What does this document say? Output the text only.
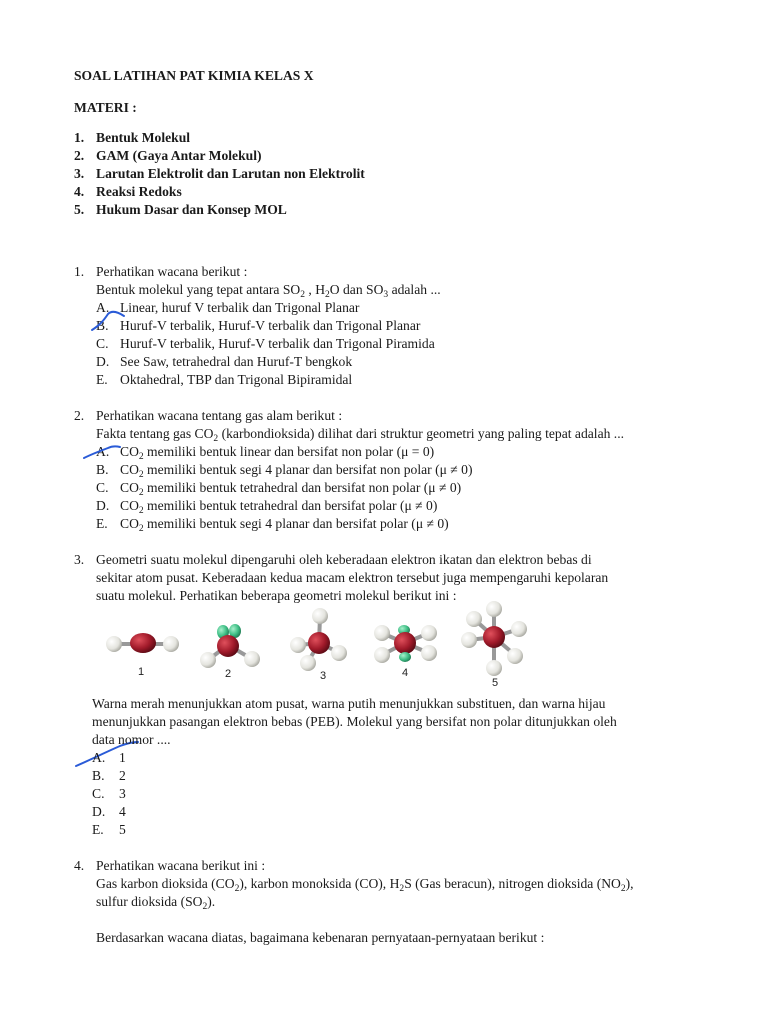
SOAL LATIHAN PAT KIMIA KELAS X
MATERI :
1. Bentuk Molekul
2. GAM (Gaya Antar Molekul)
3. Larutan Elektrolit dan Larutan non Elektrolit
4. Reaksi Redoks
5. Hukum Dasar dan Konsep MOL
1. Perhatikan wacana berikut :
Bentuk molekul yang tepat antara $SO_2$ , $H_2O$ dan $SO_3$ adalah ...
A. Linear, huruf V terbalik dan Trigonal Planar
B. Huruf-V terbalik, Huruf-V terbalik dan Trigonal Planar
C. Huruf-V terbalik, Huruf-V terbalik dan Trigonal Piramida
D. See Saw, tetrahedral dan Huruf-T bengkok
E. Oktahedral, TBP dan Trigonal Bipiramidal
2. Perhatikan wacana tentang gas alam berikut :
Fakta tentang gas $CO_2$ (karbondioksida) dilihat dari struktur geometri yang paling tepat adalah ...
A. $CO_2$ memiliki bentuk linear dan bersifat non polar (μ = 0)
B. $CO_2$ memiliki bentuk segi 4 planar dan bersifat non polar (μ ≠ 0)
C. $CO_2$ memiliki bentuk tetrahedral dan bersifat non polar (μ ≠ 0)
D. $CO_2$ memiliki bentuk tetrahedral dan bersifat polar (μ ≠ 0)
E. $CO_2$ memiliki bentuk segi 4 planar dan bersifat polar (μ ≠ 0)
3. Geometri suatu molekul dipengaruhi oleh keberadaan elektron ikatan dan elektron bebas di
sekitar atom pusat. Keberadaan kedua macam elektron tersebut juga mempengaruhi kepolaran
suatu molekul. Perhatikan beberapa geometri molekul berikut ini :
1	2	3	4
5
Warna merah menunjukkan atom pusat, warna putih menunjukkan substituen, dan warna hijau
menunjukkan pasangan elektron bebas (PEB). Molekul yang bersifat non polar ditunjukkan oleh
data nomor ....
A. 1
B. 2
C. 3
D. 4
E. 5
4. Perhatikan wacana berikut ini :
Gas karbon dioksida $(CO_2)$, karbon monoksida (CO), $H_2S$ (Gas beracun), nitrogen dioksida $(NO_2)$,
sulfur dioksida $(SO_2)$.
Berdasarkan wacana diatas, bagaimana kebenaran pernyataan-pernyataan berikut :
